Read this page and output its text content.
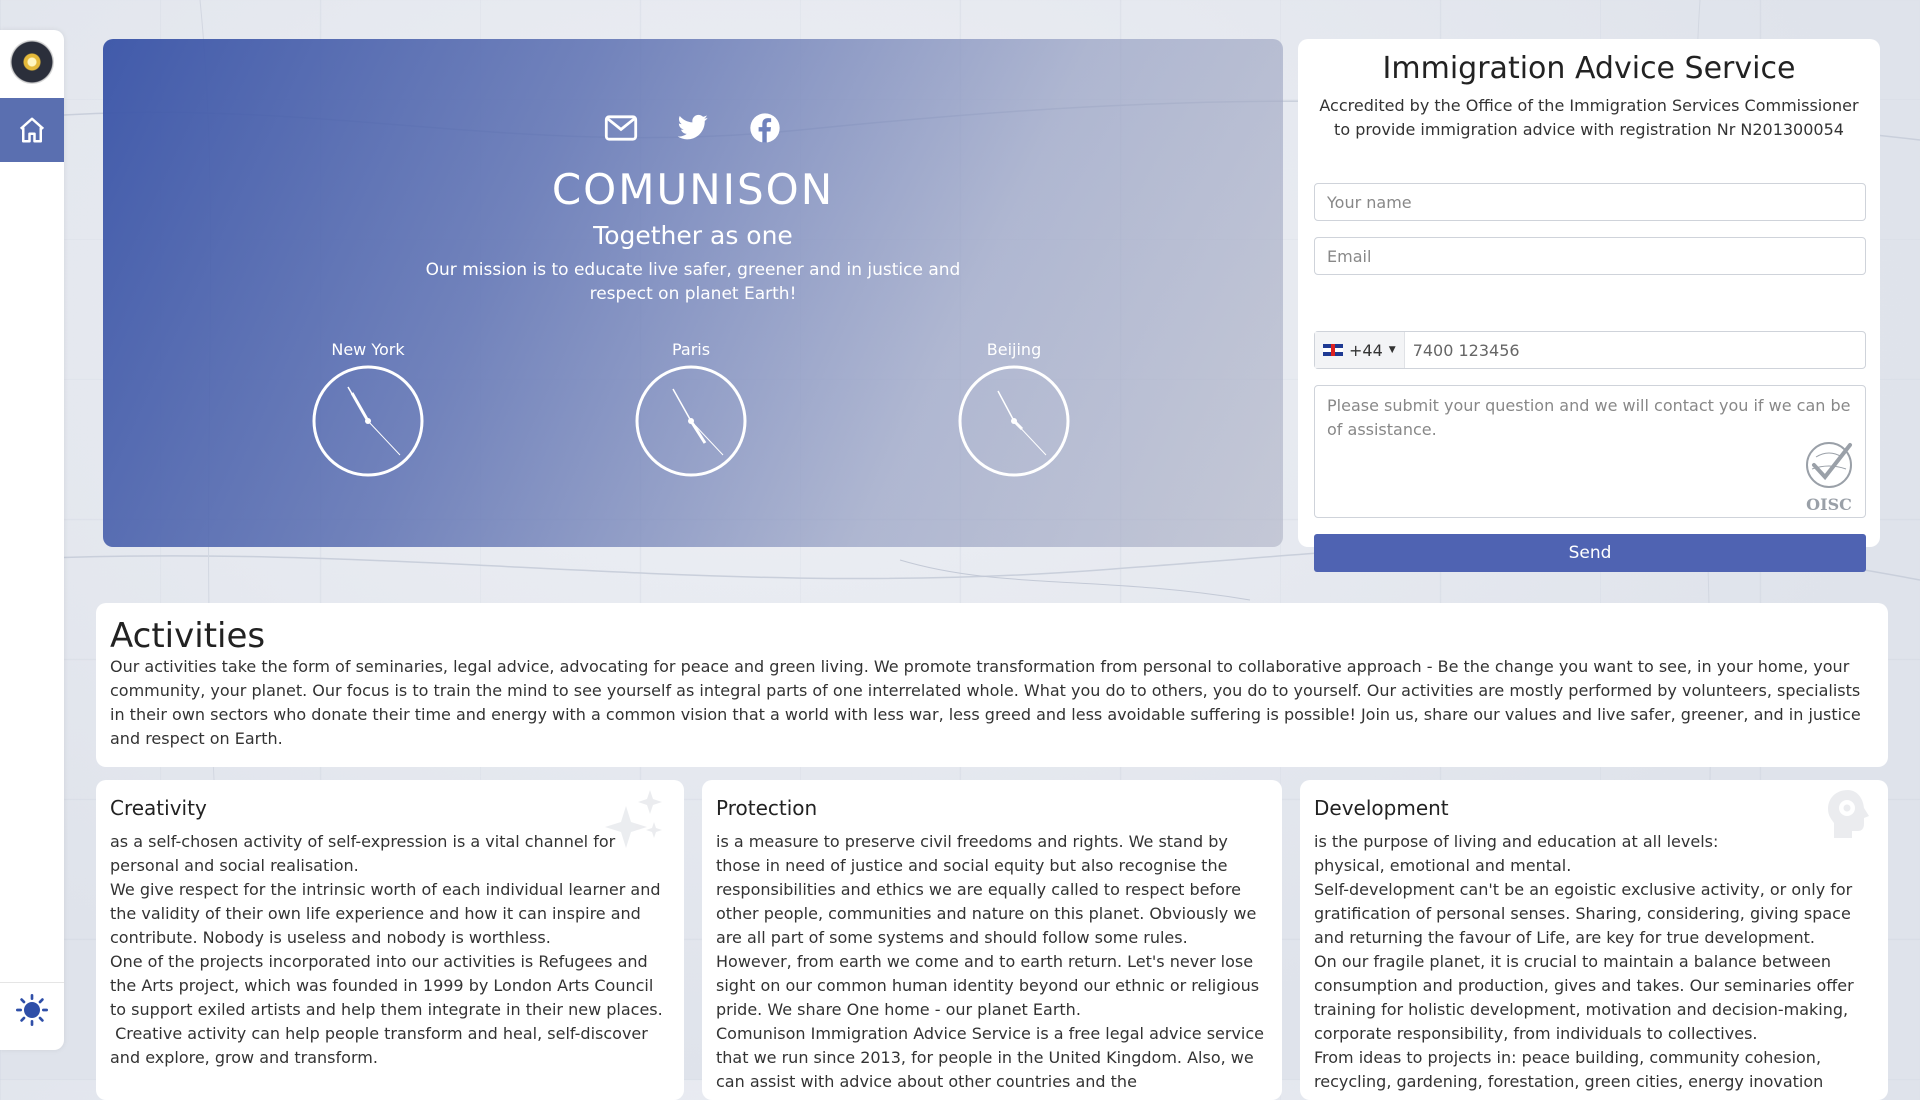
COMUNISON
Together as one
Our mission is to educate live safer, greener and in justice and respect on planet Earth!
New York	Paris	Beijing
Immigration Advice Service

Accredited by the Office of the Immigration Services Commissioner to provide immigration advice with registration Nr N201300054

Your name
Email
+44 ▼
7400 123456
Please submit your question and we will contact you if we can be of assistance.
OISC
Send
Activities

Our activities take the form of seminaries, legal advice, advocating for peace and green living. We promote transformation from personal to collaborative approach - Be the change you want to see, in your home, your community, your planet. Our focus is to train the mind to see yourself as integral parts of one interrelated whole. What you do to others, you do to yourself. Our activities are mostly performed by volunteers, specialists in their own sectors who donate their time and energy with a common vision that a world with less war, less greed and less avoidable suffering is possible! Join us, share our values and live safer, greener, and in justice and respect on Earth.

Creativity
as a self-chosen activity of self-expression is a vital channel for personal and social realisation.
We give respect for the intrinsic worth of each individual learner and the validity of their own life experience and how it can inspire and contribute. Nobody is useless and nobody is worthless.
One of the projects incorporated into our activities is Refugees and the Arts project, which was founded in 1999 by London Arts Council to support exiled artists and help them integrate in their new places.
Creative activity can help people transform and heal, self-discover and explore, grow and transform.
Protection
is a measure to preserve civil freedoms and rights. We stand by those in need of justice and social equity but also recognise the responsibilities and ethics we are equally called to respect before other people, communities and nature on this planet. Obviously we are all part of some systems and should follow some rules. However, from earth we come and to earth return. Let's never lose sight on our common human identity beyond our ethnic or religious pride. We share One home - our planet Earth.
Comunison Immigration Advice Service is a free legal advice service that we run since 2013, for people in the United Kingdom. Also, we can assist with advice about other countries and the
Development
is the purpose of living and education at all levels:
physical, emotional and mental.
Self-development can't be an egoistic exclusive activity, or only for gratification of personal senses. Sharing, considering, giving space and returning the favour of Life, are key for true development.
On our fragile planet, it is crucial to maintain a balance between consumption and production, gives and takes. Our seminaries offer training for holistic development, motivation and decision-making, corporate responsibility, from individuals to collectives.
From ideas to projects in: peace building, community cohesion, recycling, gardening, forestation, green cities, energy inovation
